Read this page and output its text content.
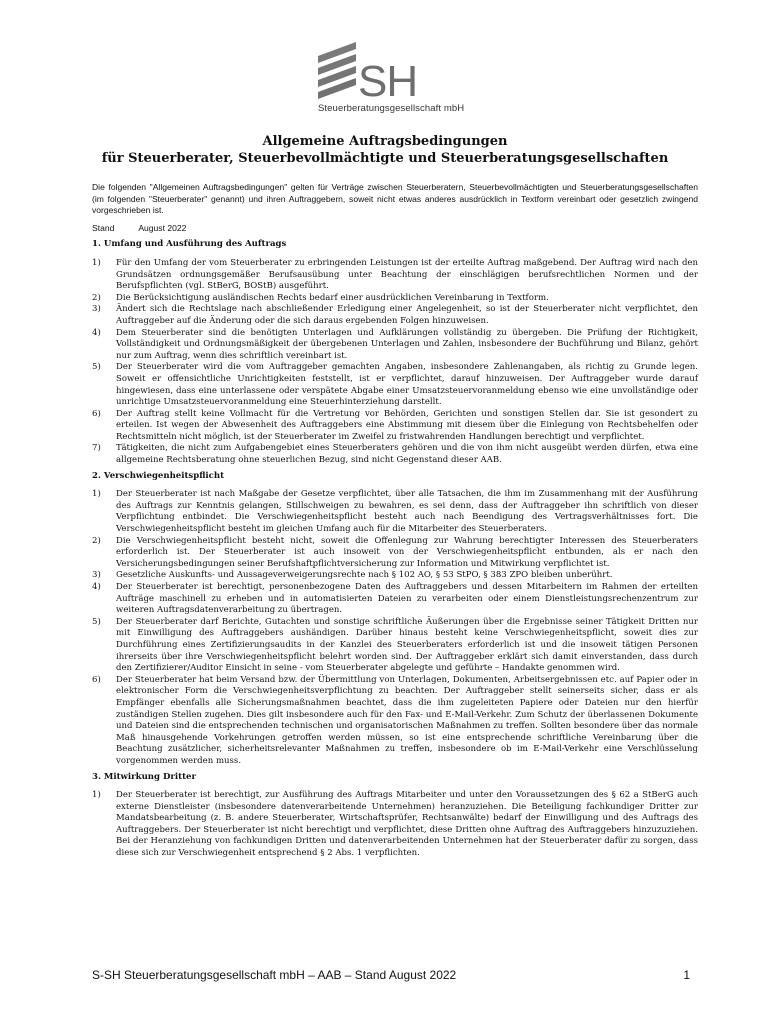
SH
Steuerberatungsgesellschaft mbH
Allgemeine Auftragsbedingungen
für Steuerberater, Steuerbevollmächtigte und Steuerberatungsgesellschaften

Die folgenden "Allgemeinen Auftragsbedingungen" gelten für Verträge zwischen Steuerberatern, Steuerbevollmächtigten und Steuerberatungsgesellschaften (im folgenden "Steuerberater" genannt) und ihren Auftraggebern, soweit nicht etwas anderes ausdrücklich in Textform vereinbart oder gesetzlich zwingend vorgeschrieben ist.

Stand	August 2022
1. Umfang und Ausführung des Auftrags
1) Für den Umfang der vom Steuerberater zu erbringenden Leistungen ist der erteilte Auftrag maßgebend. Der Auftrag wird nach den Grundsätzen ordnungsgemäßer Berufsausübung unter Beachtung der einschlägigen berufsrechtlichen Normen und der Berufspflichten (vgl. StBerG, BOStB) ausgeführt.
2) Die Berücksichtigung ausländischen Rechts bedarf einer ausdrücklichen Vereinbarung in Textform.
3) Ändert sich die Rechtslage nach abschließender Erledigung einer Angelegenheit, so ist der Steuerberater nicht verpflichtet, den Auftraggeber auf die Änderung oder die sich daraus ergebenden Folgen hinzuweisen.
4) Dem Steuerberater sind die benötigten Unterlagen und Aufklärungen vollständig zu übergeben. Die Prüfung der Richtigkeit, Vollständigkeit und Ordnungsmäßigkeit der übergebenen Unterlagen und Zahlen, insbesondere der Buchführung und Bilanz, gehört nur zum Auftrag, wenn dies schriftlich vereinbart ist.
5) Der Steuerberater wird die vom Auftraggeber gemachten Angaben, insbesondere Zahlenangaben, als richtig zu Grunde legen. Soweit er offensichtliche Unrichtigkeiten feststellt, ist er verpflichtet, darauf hinzuweisen. Der Auftraggeber wurde darauf hingewiesen, dass eine unterlassene oder verspätete Abgabe einer Umsatzsteuervoranmeldung ebenso wie eine unvollständige oder unrichtige Umsatzsteuervoranmeldung eine Steuerhinterziehung darstellt.
6) Der Auftrag stellt keine Vollmacht für die Vertretung vor Behörden, Gerichten und sonstigen Stellen dar. Sie ist gesondert zu erteilen. Ist wegen der Abwesenheit des Auftraggebers eine Abstimmung mit diesem über die Einlegung von Rechtsbehelfen oder Rechtsmitteln nicht möglich, ist der Steuerberater im Zweifel zu fristwahrenden Handlungen berechtigt und verpflichtet.
7) Tätigkeiten, die nicht zum Aufgabengebiet eines Steuerberaters gehören und die von ihm nicht ausgeübt werden dürfen, etwa eine allgemeine Rechtsberatung ohne steuerlichen Bezug, sind nicht Gegenstand dieser AAB.
2. Verschwiegenheitspflicht
1) Der Steuerberater ist nach Maßgabe der Gesetze verpflichtet, über alle Tatsachen, die ihm im Zusammenhang mit der Ausführung des Auftrags zur Kenntnis gelangen, Stillschweigen zu bewahren, es sei denn, dass der Auftraggeber ihn schriftlich von dieser Verpflichtung entbindet. Die Verschwiegenheitspflicht besteht auch nach Beendigung des Vertragsverhältnisses fort. Die Verschwiegenheitspflicht besteht im gleichen Umfang auch für die Mitarbeiter des Steuerberaters.
2) Die Verschwiegenheitspflicht besteht nicht, soweit die Offenlegung zur Wahrung berechtigter Interessen des Steuerberaters erforderlich ist. Der Steuerberater ist auch insoweit von der Verschwiegenheitspflicht entbunden, als er nach den Versicherungsbedingungen seiner Berufshaftpflichtversicherung zur Information und Mitwirkung verpflichtet ist.
3) Gesetzliche Auskunfts- und Aussageverweigerungsrechte nach § 102 AO, § 53 StPO, § 383 ZPO bleiben unberührt.
4) Der Steuerberater ist berechtigt, personenbezogene Daten des Auftraggebers und dessen Mitarbeitern im Rahmen der erteilten Aufträge maschinell zu erheben und in automatisierten Dateien zu verarbeiten oder einem Dienstleistungsrechenzentrum zur weiteren Auftragsdatenverarbeitung zu übertragen.
5) Der Steuerberater darf Berichte, Gutachten und sonstige schriftliche Äußerungen über die Ergebnisse seiner Tätigkeit Dritten nur mit Einwilligung des Auftraggebers aushändigen. Darüber hinaus besteht keine Verschwiegenheitspflicht, soweit dies zur Durchführung eines Zertifizierungsaudits in der Kanzlei des Steuerberaters erforderlich ist und die insoweit tätigen Personen ihrerseits über ihre Verschwiegenheitspflicht belehrt worden sind. Der Auftraggeber erklärt sich damit einverstanden, dass durch den Zertifizierer/Auditor Einsicht in seine - vom Steuerberater abgelegte und geführte – Handakte genommen wird.
6) Der Steuerberater hat beim Versand bzw. der Übermittlung von Unterlagen, Dokumenten, Arbeitsergebnissen etc. auf Papier oder in elektronischer Form die Verschwiegenheitsverpflichtung zu beachten. Der Auftraggeber stellt seinerseits sicher, dass er als Empfänger ebenfalls alle Sicherungsmaßnahmen beachtet, dass die ihm zugeleiteten Papiere oder Dateien nur den hierfür zuständigen Stellen zugehen. Dies gilt insbesondere auch für den Fax- und E-Mail-Verkehr. Zum Schutz der überlassenen Dokumente und Dateien sind die entsprechenden technischen und organisatorischen Maßnahmen zu treffen. Sollten besondere über das normale Maß hinausgehende Vorkehrungen getroffen werden müssen, so ist eine entsprechende schriftliche Vereinbarung über die Beachtung zusätzlicher, sicherheitsrelevanter Maßnahmen zu treffen, insbesondere ob im E-Mail-Verkehr eine Verschlüsselung vorgenommen werden muss.
3. Mitwirkung Dritter
1) Der Steuerberater ist berechtigt, zur Ausführung des Auftrags Mitarbeiter und unter den Voraussetzungen des § 62 a StBerG auch externe Dienstleister (insbesondere datenverarbeitende Unternehmen) heranzuziehen. Die Beteiligung fachkundiger Dritter zur Mandatsbearbeitung (z. B. andere Steuerberater, Wirtschaftsprüfer, Rechtsanwälte) bedarf der Einwilligung und des Auftrags des Auftraggebers. Der Steuerberater ist nicht berechtigt und verpflichtet, diese Dritten ohne Auftrag des Auftraggebers hinzuzuziehen. Bei der Heranziehung von fachkundigen Dritten und datenverarbeitenden Unternehmen hat der Steuerberater dafür zu sorgen, dass diese sich zur Verschwiegenheit entsprechend § 2 Abs. 1 verpflichten.
S-SH Steuerberatungsgesellschaft mbH – AAB – Stand August 2022	1
